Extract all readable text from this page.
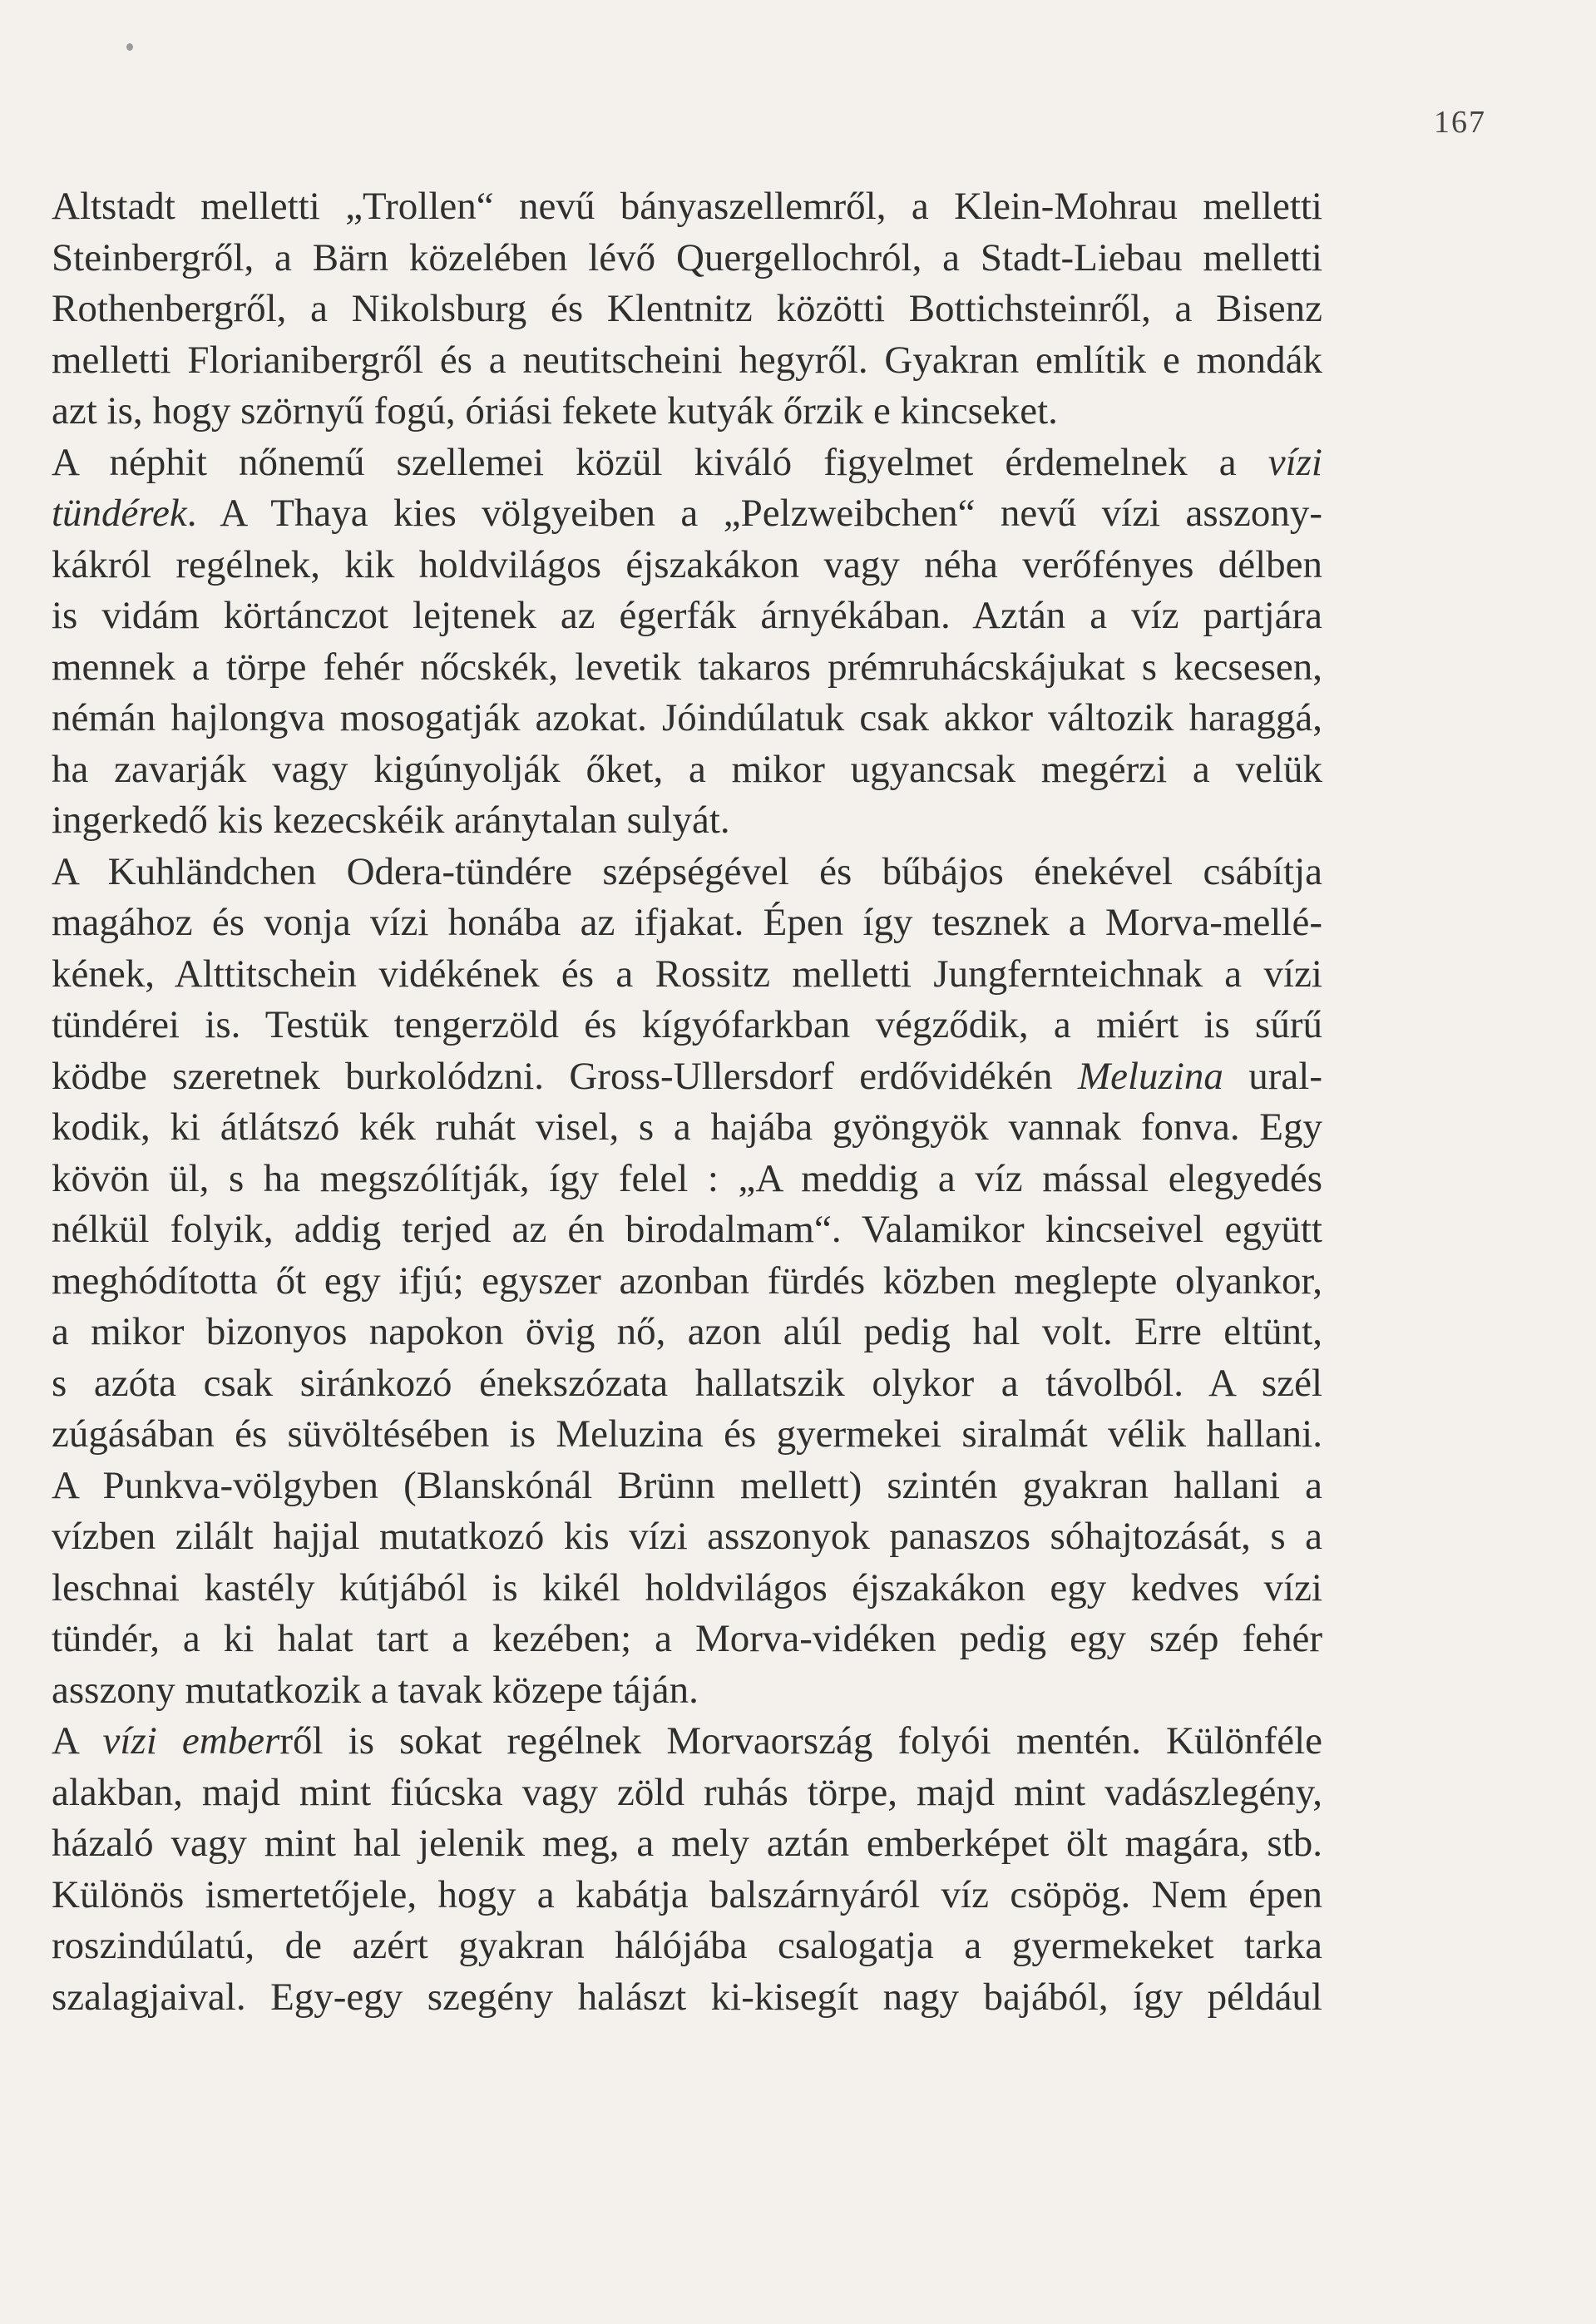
167
Altstadt melletti „Trollen“ nevű bányaszellemről, a Klein-Mohrau melletti
Steinbergről, a Bärn közelében lévő Quergellochról, a Stadt-Liebau melletti
Rothenbergről, a Nikolsburg és Klentnitz közötti Bottichsteinről, a Bisenz
melletti Florianibergről és a neutitscheini hegyről. Gyakran említik e mondák
azt is, hogy szörnyű fogú, óriási fekete kutyák őrzik e kincseket.
A néphit nőnemű szellemei közül kiváló figyelmet érdemelnek a vízi
tündérek. A Thaya kies völgyeiben a „Pelzweibchen“ nevű vízi asszony-
kákról regélnek, kik holdvilágos éjszakákon vagy néha verőfényes délben
is vidám körtánczot lejtenek az égerfák árnyékában. Aztán a víz partjára
mennek a törpe fehér nőcskék, levetik takaros prémruhácskájukat s kecsesen,
némán hajlongva mosogatják azokat. Jóindúlatuk csak akkor változik haraggá,
ha zavarják vagy kigúnyolják őket, a mikor ugyancsak megérzi a velük
ingerkedő kis kezecskéik aránytalan sulyát.
A Kuhländchen Odera-tündére szépségével és bűbájos énekével csábítja
magához és vonja vízi honába az ifjakat. Épen így tesznek a Morva-mellé-
kének, Alttitschein vidékének és a Rossitz melletti Jungfernteichnak a vízi
tündérei is. Testük tengerzöld és kígyófarkban végződik, a miért is sűrű
ködbe szeretnek burkolódzni. Gross-Ullersdorf erdővidékén Meluzina ural-
kodik, ki átlátszó kék ruhát visel, s a hajába gyöngyök vannak fonva. Egy
kövön ül, s ha megszólítják, így felel : „A meddig a víz mással elegyedés
nélkül folyik, addig terjed az én birodalmam“. Valamikor kincseivel együtt
meghódította őt egy ifjú; egyszer azonban fürdés közben meglepte olyankor,
a mikor bizonyos napokon övig nő, azon alúl pedig hal volt. Erre eltünt,
s azóta csak siránkozó énekszózata hallatszik olykor a távolból. A szél
zúgásában és süvöltésében is Meluzina és gyermekei siralmát vélik hallani.
A Punkva-völgyben (Blanskónál Brünn mellett) szintén gyakran hallani a
vízben zilált hajjal mutatkozó kis vízi asszonyok panaszos sóhajtozását, s a
leschnai kastély kútjából is kikél holdvilágos éjszakákon egy kedves vízi
tündér, a ki halat tart a kezében; a Morva-vidéken pedig egy szép fehér
asszony mutatkozik a tavak közepe táján.
A vízi emberről is sokat regélnek Morvaország folyói mentén. Különféle
alakban, majd mint fiúcska vagy zöld ruhás törpe, majd mint vadászlegény,
házaló vagy mint hal jelenik meg, a mely aztán emberképet ölt magára, stb.
Különös ismertetőjele, hogy a kabátja balszárnyáról víz csöpög. Nem épen
roszindúlatú, de azért gyakran hálójába csalogatja a gyermekeket tarka
szalagjaival. Egy-egy szegény halászt ki-kisegít nagy bajából, így például
